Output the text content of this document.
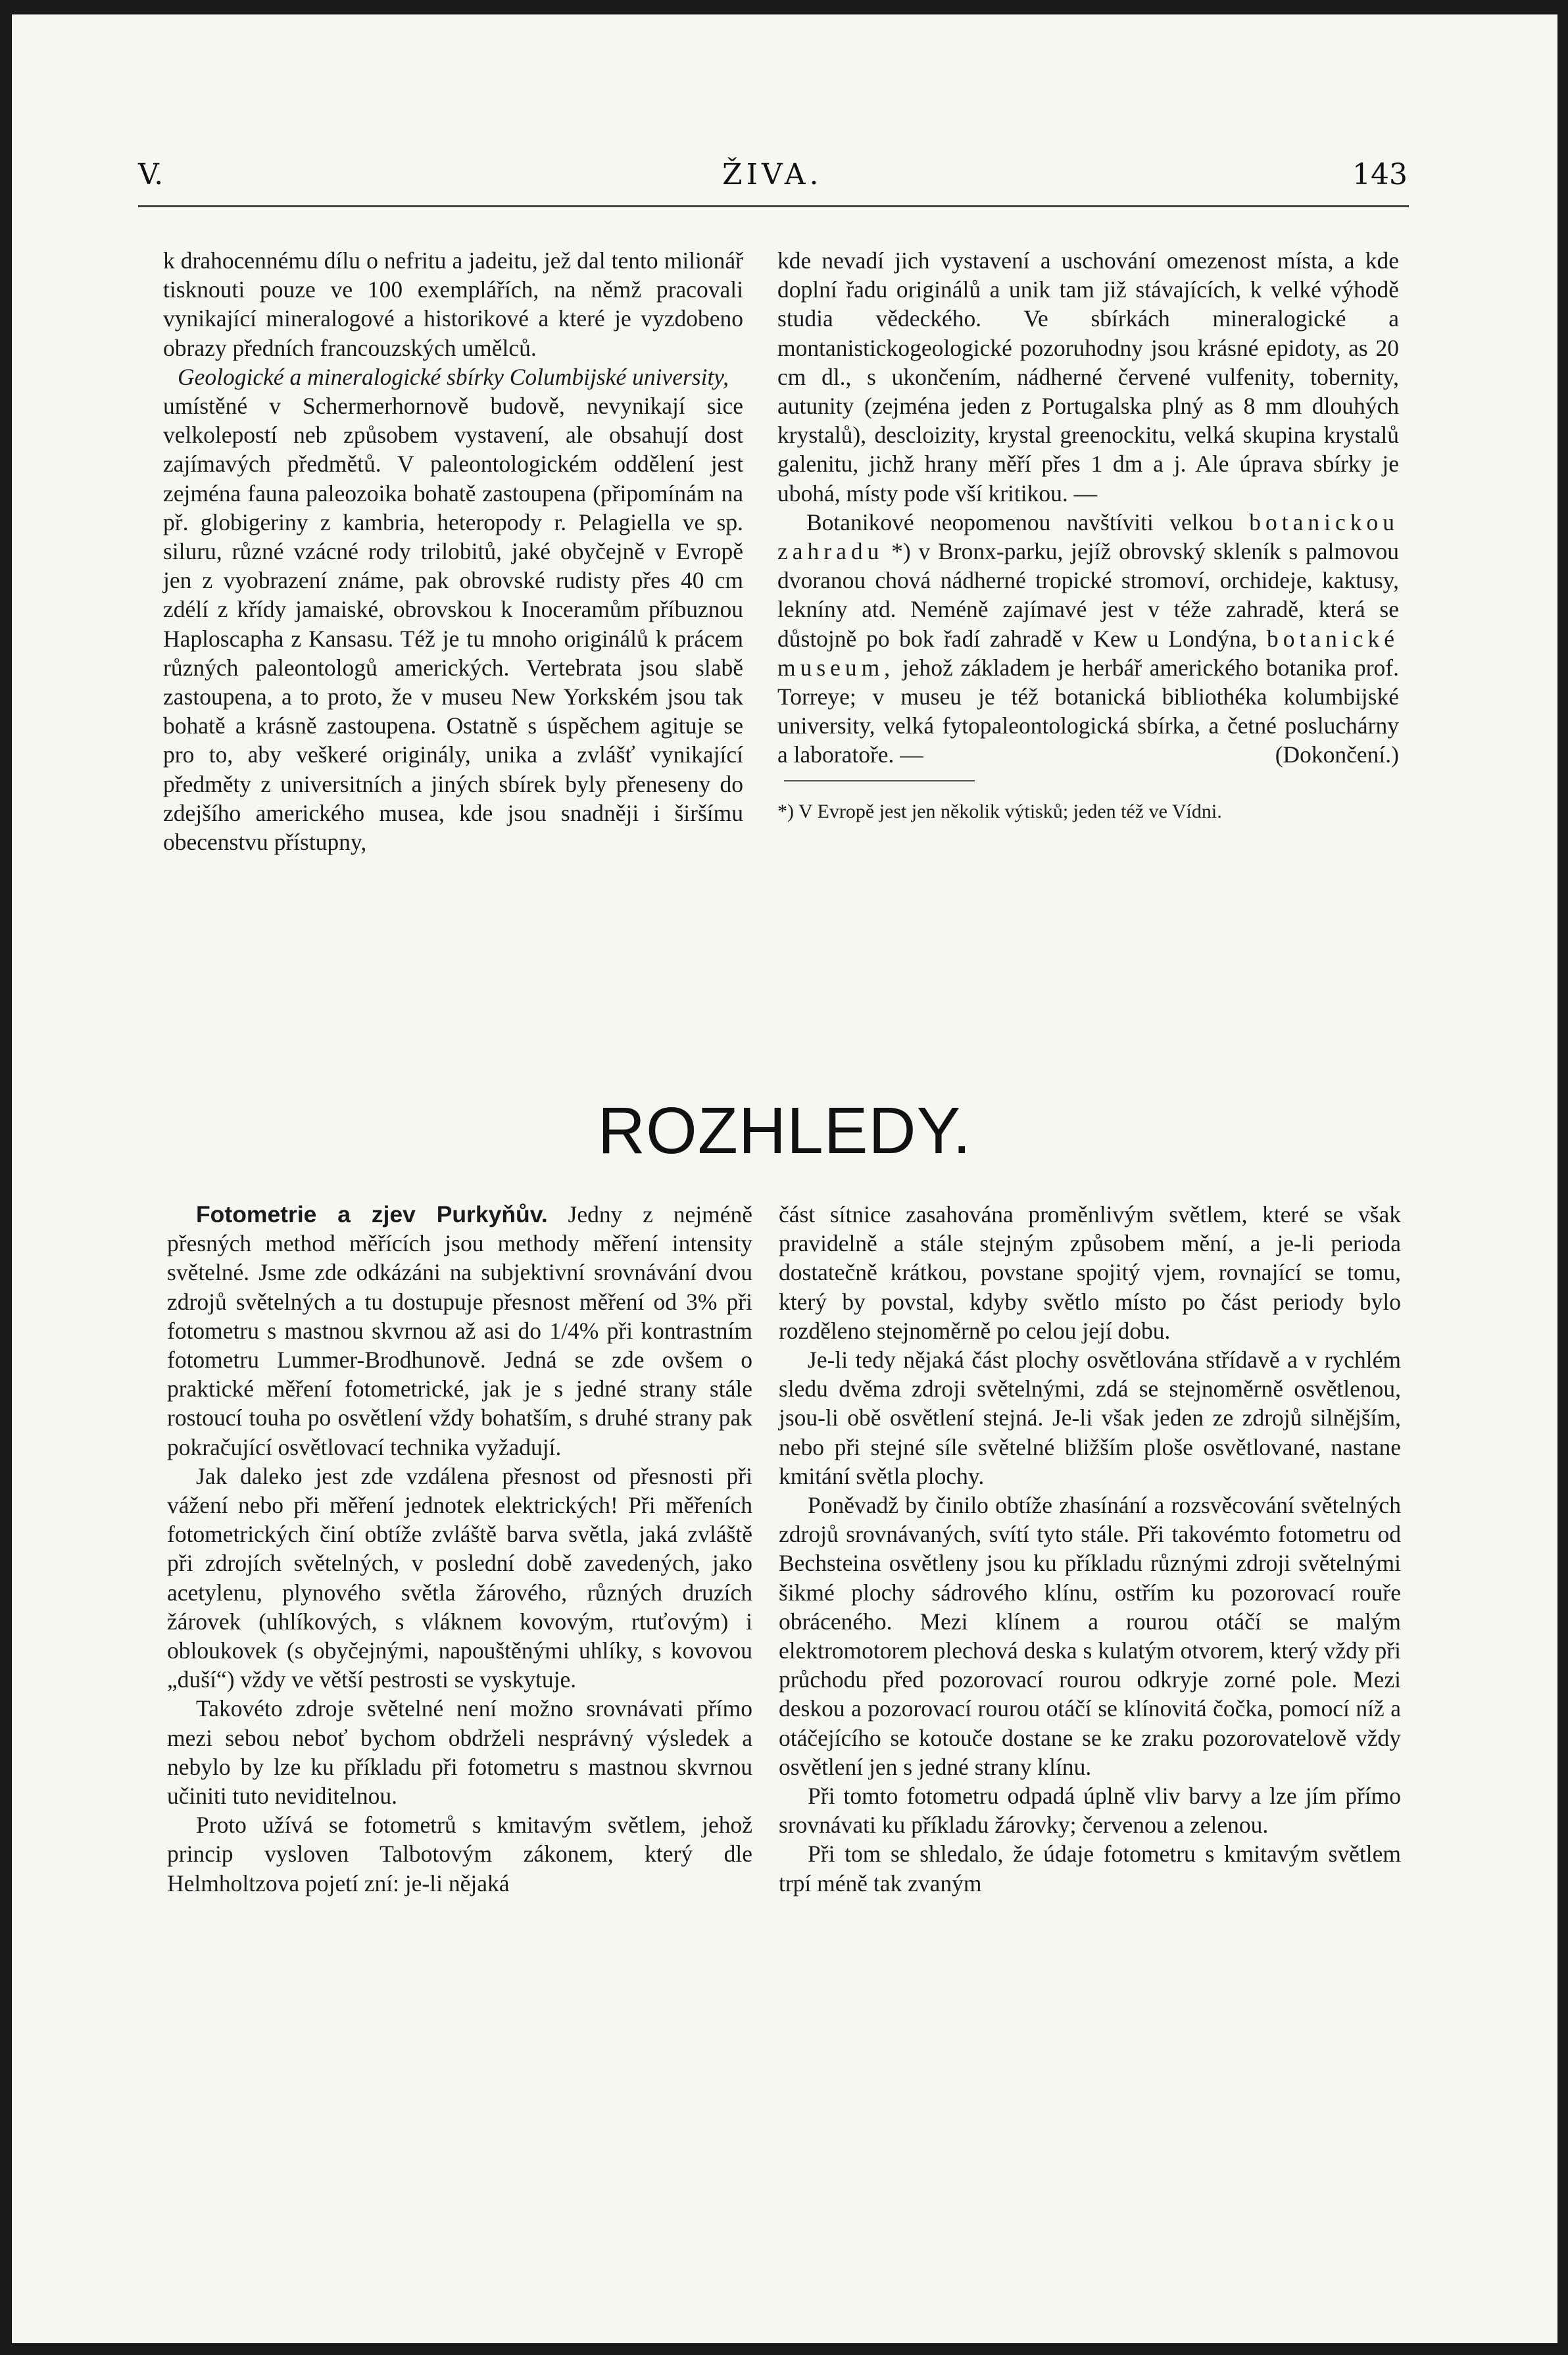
V.	ŽIVA.	143

k drahocennému dílu o nefritu a jadeitu, jež dal tento milionář tisknouti pouze ve 100 exemplářích, na němž pracovali vynikající mineralogové a historikové a které je vyzdobeno obrazy předních francouzských umělců.

Geologické a mineralogické sbírky Columbijské university,

umístěné v Schermerhornově budově, nevynikají sice velkolepostí neb způsobem vystavení, ale obsahují dost zajímavých předmětů. V paleontologickém oddělení jest zejména fauna paleozoika bohatě zastoupena (připomínám na př. globigeriny z kambria, heteropody r. Pelagiella ve sp. siluru, různé vzácné rody trilobitů, jaké obyčejně v Evropě jen z vyobrazení známe, pak obrovské rudisty přes 40 cm zdélí z křídy jamaiské, obrovskou k Inoceramům příbuznou Haploscapha z Kansasu. Též je tu mnoho originálů k prácem různých paleontologů amerických. Vertebrata jsou slabě zastoupena, a to proto, že v museu New Yorkském jsou tak bohatě a krásně zastoupena. Ostatně s úspěchem agituje se pro to, aby veškeré originály, unika a zvlášť vynikající předměty z universitních a jiných sbírek byly přeneseny do zdejšího amerického musea, kde jsou snadněji i širšímu obecenstvu přístupny,

kde nevadí jich vystavení a uschování omezenost místa, a kde doplní řadu originálů a unik tam již stávajících, k velké výhodě studia vědeckého. Ve sbírkách mineralogické a montanistickogeologické pozoruhodny jsou krásné epidoty, as 20 cm dl., s ukončením, nádherné červené vulfenity, tobernity, autunity (zejména jeden z Portugalska plný as 8 mm dlouhých krystalů), descloizity, krystal greenockitu, velká skupina krystalů galenitu, jichž hrany měří přes 1 dm a j. Ale úprava sbírky je ubohá, místy pode vší kritikou. —

Botanikové neopomenou navštíviti velkou botanickou zahradu *) v Bronx-parku, jejíž obrovský skleník s palmovou dvoranou chová nádherné tropické stromoví, orchideje, kaktusy, lekníny atd. Neméně zajímavé jest v téže zahradě, která se důstojně po bok řadí zahradě v Kew u Londýna, botanické museum, jehož základem je herbář amerického botanika prof. Torreye; v museu je též botanická bibliothéka kolumbijské university, velká fytopaleontologická sbírka, a četné posluchárny a laboratoře. —	(Dokončení.)

*) V Evropě jest jen několik výtisků; jeden též ve Vídni.

ROZHLEDY.

Fotometrie a zjev Purkyňův. Jedny z nejméně přesných method měřících jsou methody měření intensity světelné. Jsme zde odkázáni na subjektivní srovnávání dvou zdrojů světelných a tu dostupuje přesnost měření od 3% při fotometru s mastnou skvrnou až asi do 1/4% při kontrastním fotometru Lummer-Brodhunově. Jedná se zde ovšem o praktické měření fotometrické, jak je s jedné strany stále rostoucí touha po osvětlení vždy bohatším, s druhé strany pak pokračující osvětlovací technika vyžadují.

Jak daleko jest zde vzdálena přesnost od přesnosti při vážení nebo při měření jednotek elektrických! Při měřeních fotometrických činí obtíže zvláště barva světla, jaká zvláště při zdrojích světelných, v poslední době zavedených, jako acetylenu, plynového světla žárového, různých druzích žárovek (uhlíkových, s vláknem kovovým, rtuťovým) i obloukovek (s obyčejnými, napouštěnými uhlíky, s kovovou „duší“) vždy ve větší pestrosti se vyskytuje.

Takovéto zdroje světelné není možno srovnávati přímo mezi sebou neboť bychom obdrželi nesprávný výsledek a nebylo by lze ku příkladu při fotometru s mastnou skvrnou učiniti tuto neviditelnou.

Proto užívá se fotometrů s kmitavým světlem, jehož princip vysloven Talbotovým zákonem, který dle Helmholtzova pojetí zní: je-li nějaká

část sítnice zasahována proměnlivým světlem, které se však pravidelně a stále stejným způsobem mění, a je-li perioda dostatečně krátkou, povstane spojitý vjem, rovnající se tomu, který by povstal, kdyby světlo místo po část periody bylo rozděleno stejnoměrně po celou její dobu.

Je-li tedy nějaká část plochy osvětlována střídavě a v rychlém sledu dvěma zdroji světelnými, zdá se stejnoměrně osvětlenou, jsou-li obě osvětlení stejná. Je-li však jeden ze zdrojů silnějším, nebo při stejné síle světelné bližším ploše osvětlované, nastane kmitání světla plochy.

Poněvadž by činilo obtíže zhasínání a rozsvěcování světelných zdrojů srovnávaných, svítí tyto stále. Při takovémto fotometru od Bechsteina osvětleny jsou ku příkladu různými zdroji světelnými šikmé plochy sádrového klínu, ostřím ku pozorovací rouře obráceného. Mezi klínem a rourou otáčí se malým elektromotorem plechová deska s kulatým otvorem, který vždy při průchodu před pozorovací rourou odkryje zorné pole. Mezi deskou a pozorovací rourou otáčí se klínovitá čočka, pomocí níž a otáčejícího se kotouče dostane se ke zraku pozorovatelově vždy osvětlení jen s jedné strany klínu.

Při tomto fotometru odpadá úplně vliv barvy a lze jím přímo srovnávati ku příkladu žárovky; červenou a zelenou.

Při tom se shledalo, že údaje fotometru s kmitavým světlem trpí méně tak zvaným
